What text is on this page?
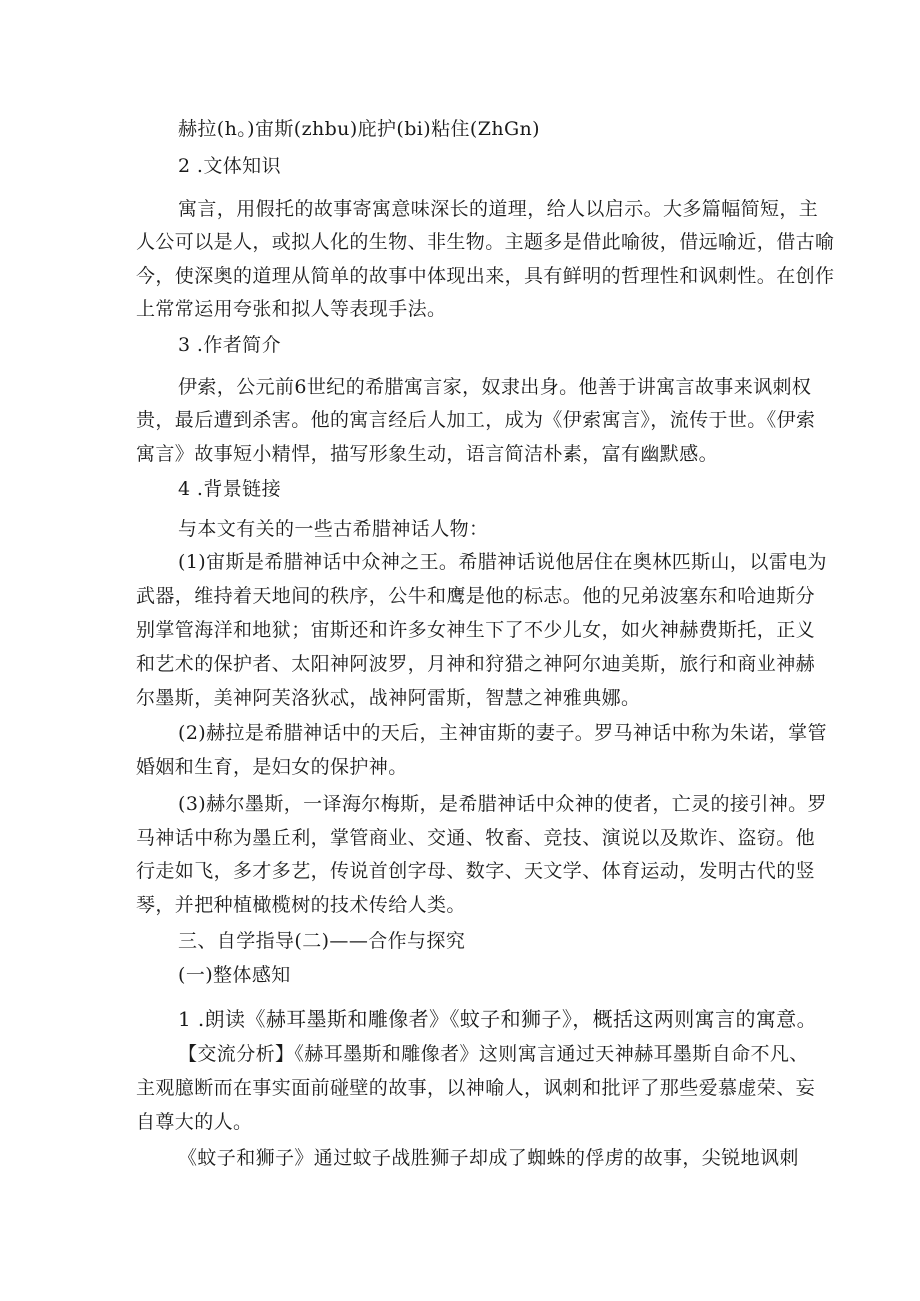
赫拉(h。)宙斯(zhbu)庇护(bi)粘住(ZhGn)
2 .文体知识
寓言，用假托的故事寄寓意味深长的道理，给人以启示。大多篇幅简短，主
人公可以是人，或拟人化的生物、非生物。主题多是借此喻彼，借远喻近，借古喻
今，使深奥的道理从简单的故事中体现出来，具有鲜明的哲理性和讽刺性。在创作
上常常运用夸张和拟人等表现手法。
3 .作者简介
伊索，公元前6世纪的希腊寓言家，奴隶出身。他善于讲寓言故事来讽刺权
贵，最后遭到杀害。他的寓言经后人加工，成为《伊索寓言》，流传于世。《伊索
寓言》故事短小精悍，描写形象生动，语言简洁朴素，富有幽默感。
4 .背景链接
与本文有关的一些古希腊神话人物：
(1)宙斯是希腊神话中众神之王。希腊神话说他居住在奥林匹斯山，以雷电为
武器，维持着天地间的秩序，公牛和鹰是他的标志。他的兄弟波塞东和哈迪斯分
别掌管海洋和地狱；宙斯还和许多女神生下了不少儿女，如火神赫费斯托，正义
和艺术的保护者、太阳神阿波罗，月神和狩猎之神阿尔迪美斯，旅行和商业神赫
尔墨斯，美神阿芙洛狄忒，战神阿雷斯，智慧之神雅典娜。
(2)赫拉是希腊神话中的天后，主神宙斯的妻子。罗马神话中称为朱诺，掌管
婚姻和生育，是妇女的保护神。
(3)赫尔墨斯，一译海尔梅斯，是希腊神话中众神的使者，亡灵的接引神。罗
马神话中称为墨丘利，掌管商业、交通、牧畜、竞技、演说以及欺诈、盗窃。他
行走如飞，多才多艺，传说首创字母、数字、天文学、体育运动，发明古代的竖
琴，并把种植橄榄树的技术传给人类。
三、自学指导(二)——合作与探究
(一)整体感知
1 .朗读《赫耳墨斯和雕像者》《蚊子和狮子》，概括这两则寓言的寓意。
【交流分析】《赫耳墨斯和雕像者》这则寓言通过天神赫耳墨斯自命不凡、
主观臆断而在事实面前碰壁的故事，以神喻人，讽刺和批评了那些爱慕虚荣、妄
自尊大的人。
《蚊子和狮子》通过蚊子战胜狮子却成了蜘蛛的俘虏的故事，尖锐地讽刺
